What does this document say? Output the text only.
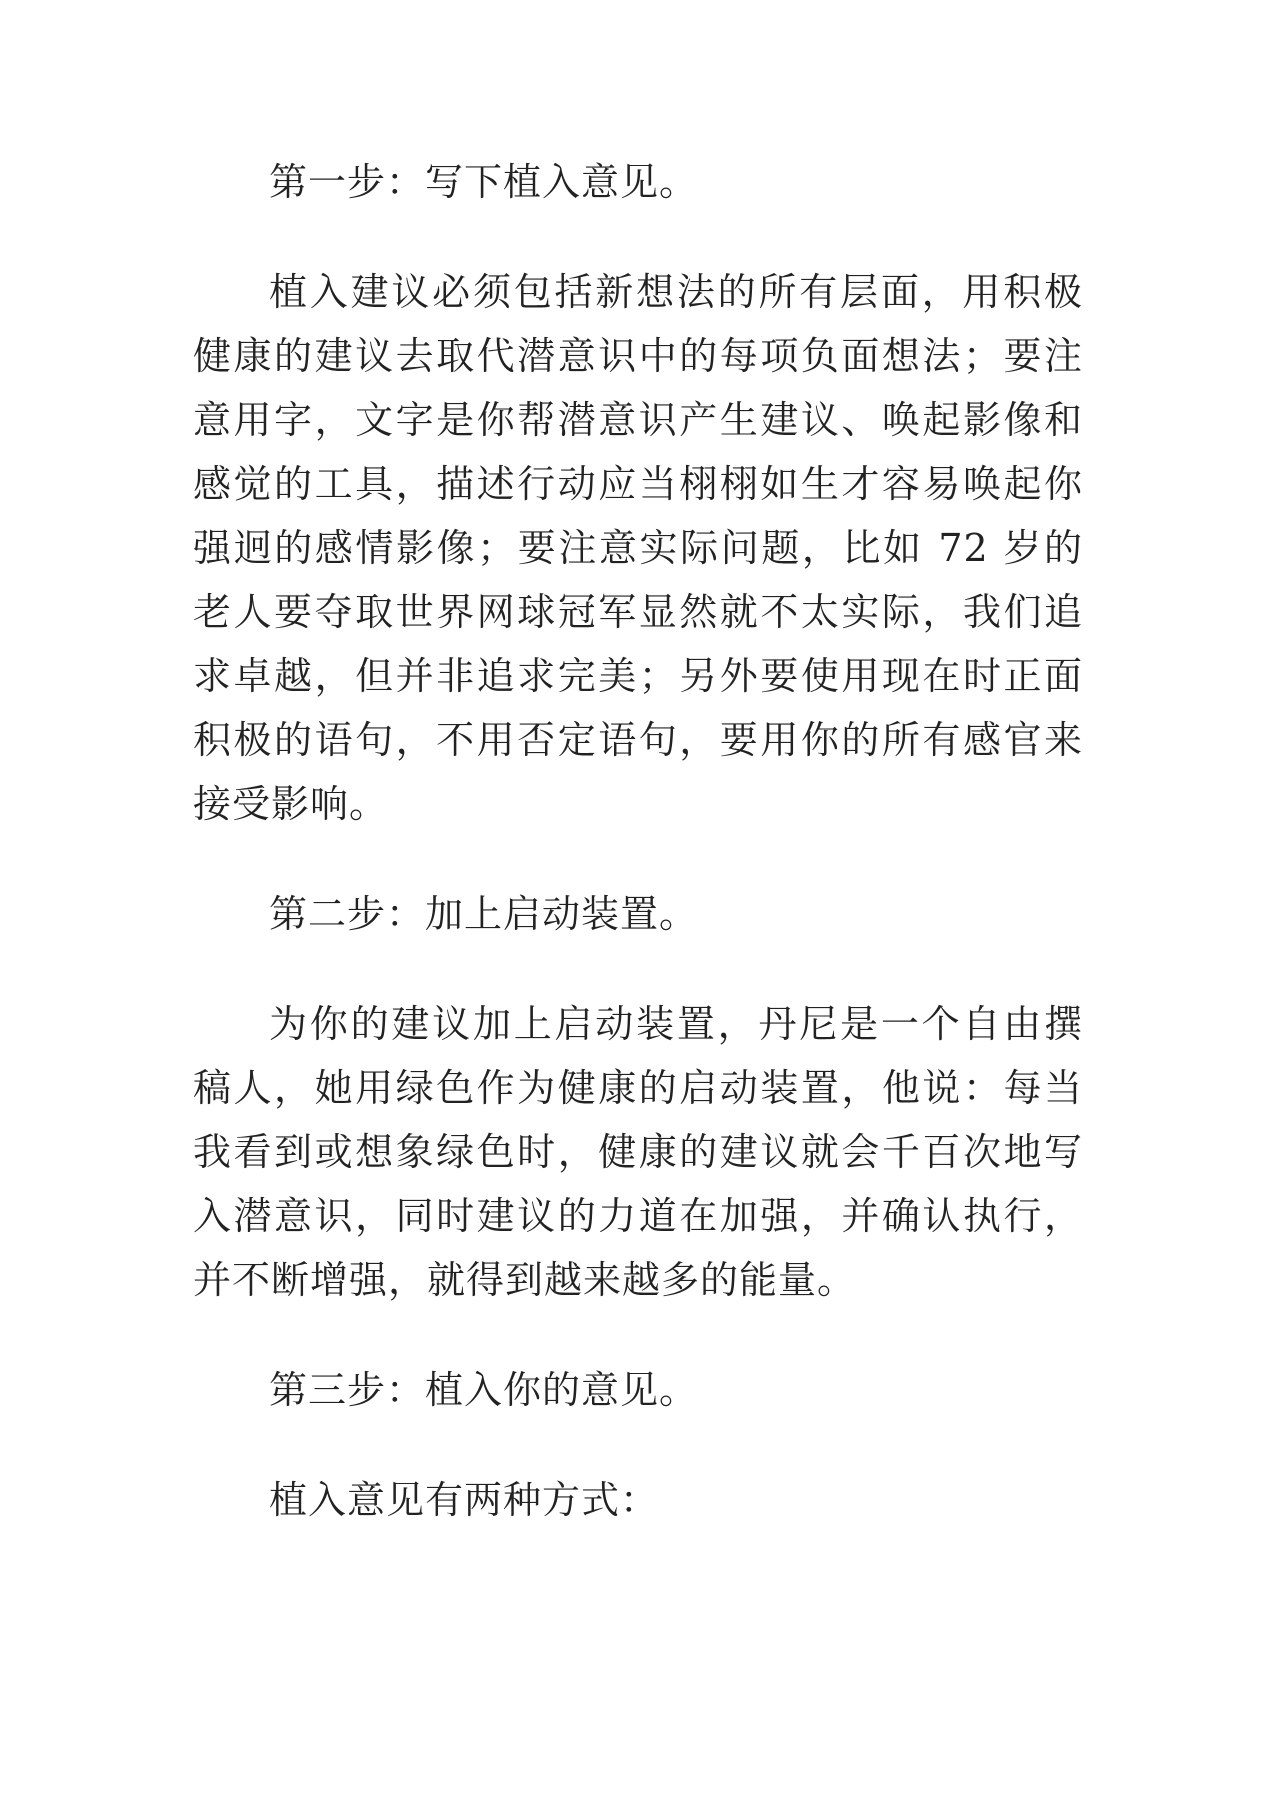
第一步：写下植入意见。

植入建议必须包括新想法的所有层面，用积极健康的建议去取代潜意识中的每项负面想法；要注意用字，文字是你帮潜意识产生建议、唤起影像和感觉的工具，描述行动应当栩栩如生才容易唤起你强迥的感情影像；要注意实际问题，比如 72 岁的老人要夺取世界网球冠军显然就不太实际，我们追求卓越，但并非追求完美；另外要使用现在时正面积极的语句，不用否定语句，要用你的所有感官来接受影响。

第二步：加上启动装置。

为你的建议加上启动装置，丹尼是一个自由撰稿人，她用绿色作为健康的启动装置，他说：每当我看到或想象绿色时，健康的建议就会千百次地写入潜意识，同时建议的力道在加强，并确认执行，并不断增强，就得到越来越多的能量。

第三步：植入你的意见。

植入意见有两种方式：
